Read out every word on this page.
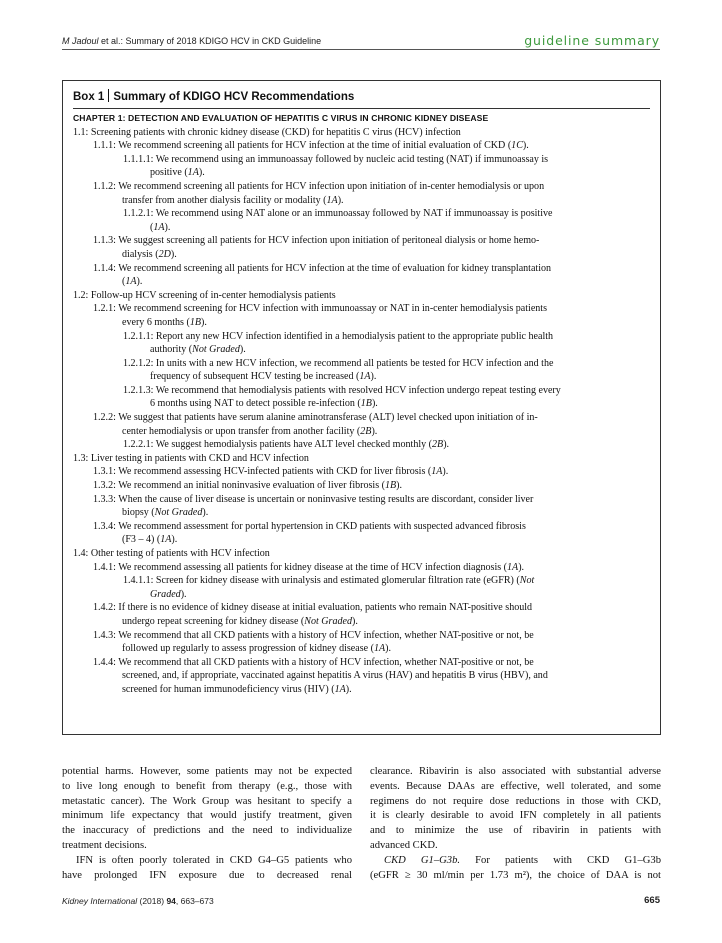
M Jadoul et al.: Summary of 2018 KDIGO HCV in CKD Guideline	guideline summary
Box 1 Summary of KDIGO HCV Recommendations
CHAPTER 1: DETECTION AND EVALUATION OF HEPATITIS C VIRUS IN CHRONIC KIDNEY DISEASE
1.1: Screening patients with chronic kidney disease (CKD) for hepatitis C virus (HCV) infection
1.1.1: We recommend screening all patients for HCV infection at the time of initial evaluation of CKD (1C).
1.1.1.1: We recommend using an immunoassay followed by nucleic acid testing (NAT) if immunoassay is
positive (1A).
1.1.2: We recommend screening all patients for HCV infection upon initiation of in-center hemodialysis or upon
transfer from another dialysis facility or modality (1A).
1.1.2.1: We recommend using NAT alone or an immunoassay followed by NAT if immunoassay is positive
(1A).
1.1.3: We suggest screening all patients for HCV infection upon initiation of peritoneal dialysis or home hemo-
dialysis (2D).
1.1.4: We recommend screening all patients for HCV infection at the time of evaluation for kidney transplantation
(1A).
1.2: Follow-up HCV screening of in-center hemodialysis patients
1.2.1: We recommend screening for HCV infection with immunoassay or NAT in in-center hemodialysis patients
every 6 months (1B).
1.2.1.1: Report any new HCV infection identified in a hemodialysis patient to the appropriate public health
authority (Not Graded).
1.2.1.2: In units with a new HCV infection, we recommend all patients be tested for HCV infection and the
frequency of subsequent HCV testing be increased (1A).
1.2.1.3: We recommend that hemodialysis patients with resolved HCV infection undergo repeat testing every
6 months using NAT to detect possible re-infection (1B).
1.2.2: We suggest that patients have serum alanine aminotransferase (ALT) level checked upon initiation of in-
center hemodialysis or upon transfer from another facility (2B).
1.2.2.1: We suggest hemodialysis patients have ALT level checked monthly (2B).
1.3: Liver testing in patients with CKD and HCV infection
1.3.1: We recommend assessing HCV-infected patients with CKD for liver fibrosis (1A).
1.3.2: We recommend an initial noninvasive evaluation of liver fibrosis (1B).
1.3.3: When the cause of liver disease is uncertain or noninvasive testing results are discordant, consider liver
biopsy (Not Graded).
1.3.4: We recommend assessment for portal hypertension in CKD patients with suspected advanced fibrosis
(F3 – 4) (1A).
1.4: Other testing of patients with HCV infection
1.4.1: We recommend assessing all patients for kidney disease at the time of HCV infection diagnosis (1A).
1.4.1.1: Screen for kidney disease with urinalysis and estimated glomerular filtration rate (eGFR) (Not
Graded).
1.4.2: If there is no evidence of kidney disease at initial evaluation, patients who remain NAT-positive should
undergo repeat screening for kidney disease (Not Graded).
1.4.3: We recommend that all CKD patients with a history of HCV infection, whether NAT-positive or not, be
followed up regularly to assess progression of kidney disease (1A).
1.4.4: We recommend that all CKD patients with a history of HCV infection, whether NAT-positive or not, be
screened, and, if appropriate, vaccinated against hepatitis A virus (HAV) and hepatitis B virus (HBV), and
screened for human immunodeficiency virus (HIV) (1A).
potential harms. However, some patients may not be expected
to live long enough to benefit from therapy (e.g., those with
metastatic cancer). The Work Group was hesitant to specify a
minimum life expectancy that would justify treatment, given
the inaccuracy of predictions and the need to individualize
treatment decisions.
IFN is often poorly tolerated in CKD G4–G5 patients who
have prolonged IFN exposure due to decreased renal
clearance. Ribavirin is also associated with substantial adverse
events. Because DAAs are effective, well tolerated, and some
regimens do not require dose reductions in those with CKD,
it is clearly desirable to avoid IFN completely in all patients
and to minimize the use of ribavirin in patients with
advanced CKD.
CKD G1–G3b. For patients with CKD G1–G3b
(eGFR ≥ 30 ml/min per 1.73 m²), the choice of DAA is not
Kidney International (2018) 94, 663–673	665
